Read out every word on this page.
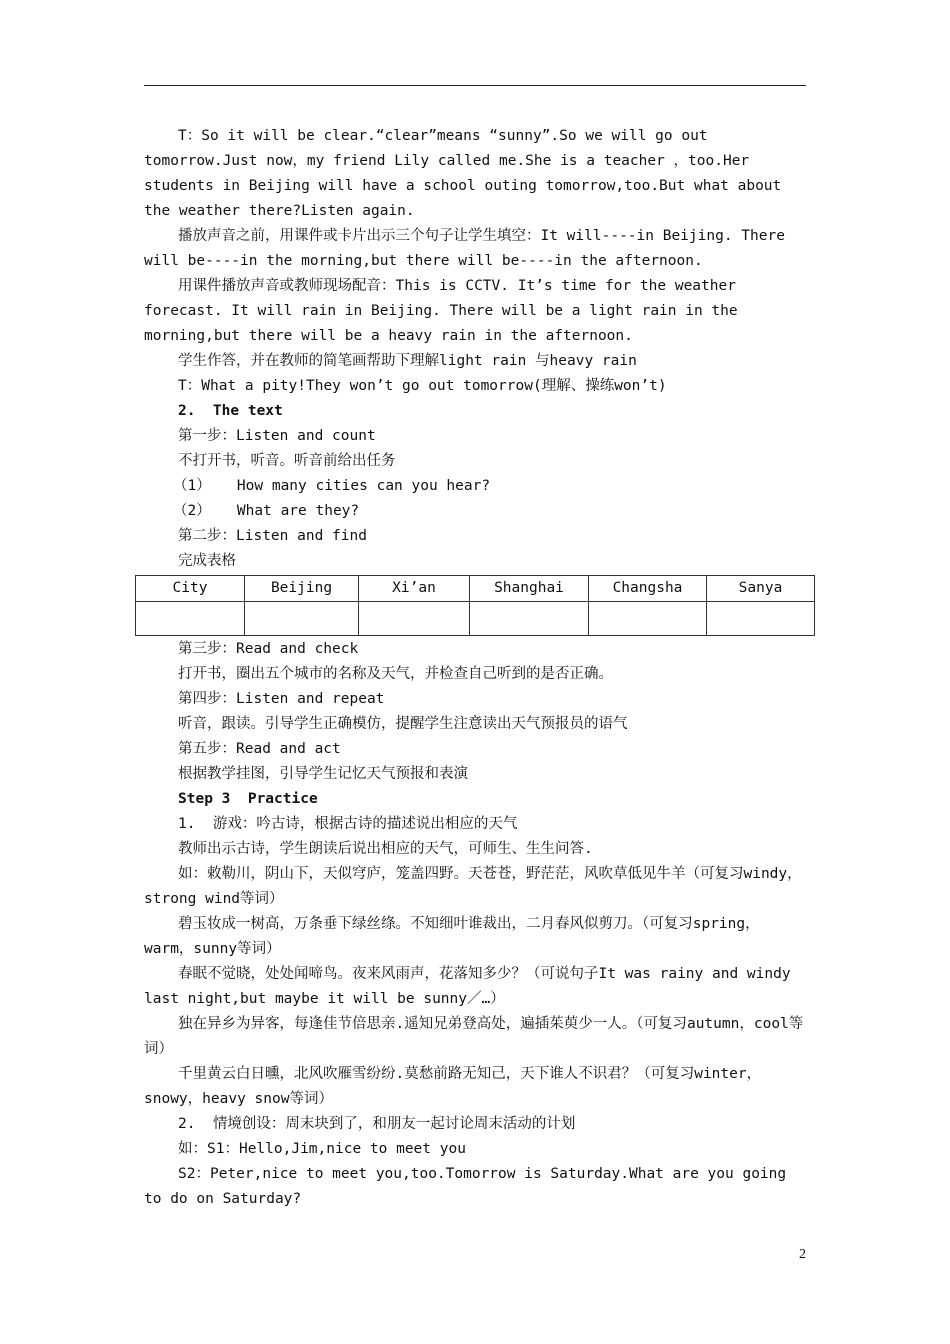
T：So it will be clear.“clear”means “sunny”.So we will go out tomorrow.Just now，my friend Lily called me.She is a teacher ，too.Her students in Beijing will have a school outing tomorrow,too.But what about the weather there?Listen again.

播放声音之前，用课件或卡片出示三个句子让学生填空：It will----in Beijing. There will be----in the morning,but there will be----in the afternoon.

用课件播放声音或教师现场配音：This is CCTV. It’s time for the weather forecast. It will rain in Beijing. There will be a light rain in the morning,but there will be a heavy rain in the afternoon.

学生作答，并在教师的简笔画帮助下理解light rain 与heavy rain

T：What a pity!They won’t go out tomorrow(理解、操练won’t)

2.  The text

第一步：Listen and count

不打开书，听音。听音前给出任务

（1）   How many cities can you hear?

（2）   What are they?

第二步：Listen and find

完成表格

City	Beijing	Xi’an	Shanghai	Changsha	Sanya

第三步：Read and check

打开书，圈出五个城市的名称及天气，并检查自己听到的是否正确。

第四步：Listen and repeat

听音，跟读。引导学生正确模仿，提醒学生注意读出天气预报员的语气

第五步：Read and act

根据教学挂图，引导学生记忆天气预报和表演

Step 3  Practice

1.  游戏：吟古诗，根据古诗的描述说出相应的天气

教师出示古诗，学生朗读后说出相应的天气，可师生、生生问答.

如：敕勒川，阴山下，天似穹庐，笼盖四野。天苍苍，野茫茫，风吹草低见牛羊（可复习windy，strong wind等词）

碧玉妆成一树高，万条垂下绿丝绦。不知细叶谁裁出，二月春风似剪刀。（可复习spring，warm，sunny等词）

春眠不觉晓，处处闻啼鸟。夜来风雨声，花落知多少？（可说句子It was rainy and windy last night,but maybe it will be sunny／…）

独在异乡为异客，每逢佳节倍思亲.遥知兄弟登高处，遍插茱萸少一人。（可复习autumn，cool等词）

千里黄云白日曛，北风吹雁雪纷纷.莫愁前路无知己，天下谁人不识君？（可复习winter，snowy，heavy snow等词）

2.  情境创设：周末块到了，和朋友一起讨论周末活动的计划

如：S1：Hello,Jim,nice to meet you

S2：Peter,nice to meet you,too.Tomorrow is Saturday.What are you going to do on Saturday?

2
